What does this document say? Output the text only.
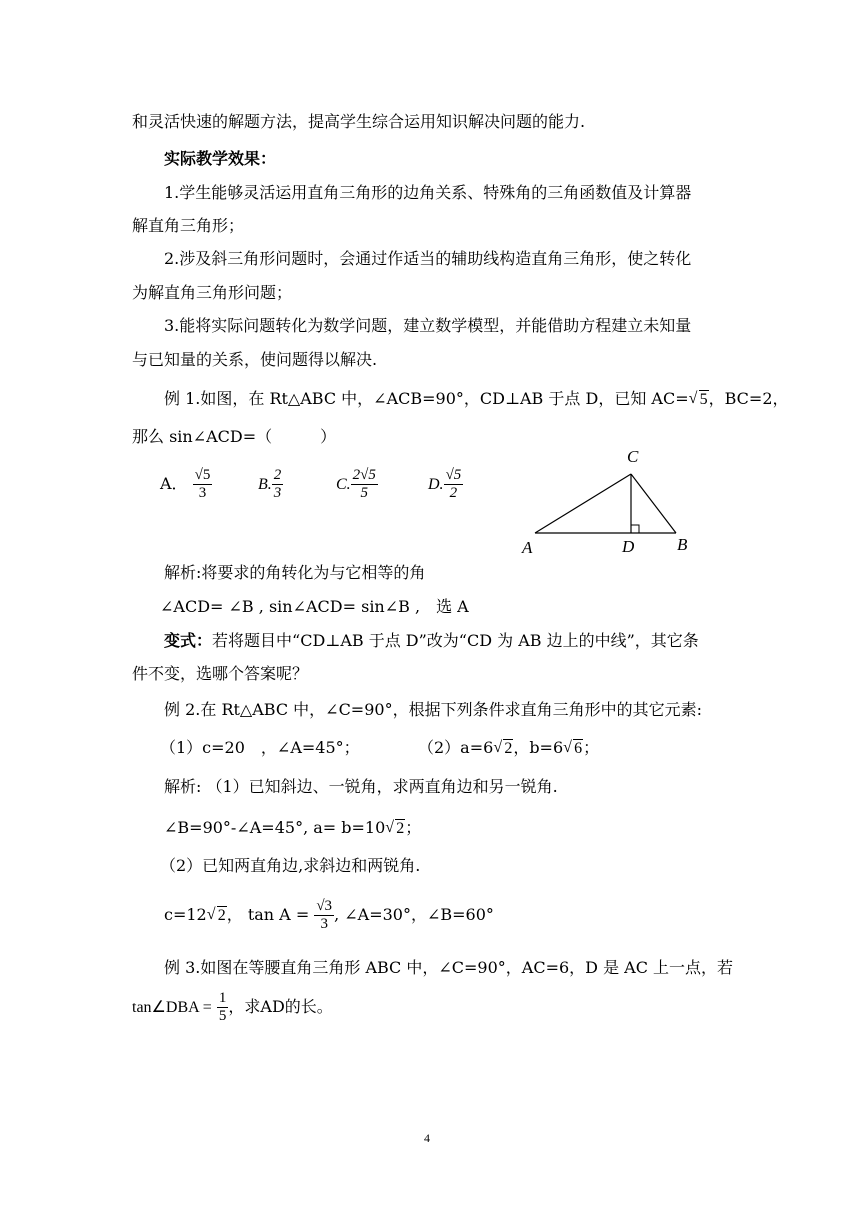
和灵活快速的解题方法，提高学生综合运用知识解决问题的能力.
实际教学效果：
1.学生能够灵活运用直角三角形的边角关系、特殊角的三角函数值及计算器
解直角三角形；
2.涉及斜三角形问题时，会通过作适当的辅助线构造直角三角形，使之转化
为解直角三角形问题；
3.能将实际问题转化为数学问题，建立数学模型，并能借助方程建立未知量
与已知量的关系，使问题得以解决.
例 1.如图，在 Rt△ABC 中，∠ACB=90°，CD⊥AB 于点 D，已知 AC= √ 5，BC=2，
那么 sin∠ACD=（　　　）
A． $\frac{√5}{3}$	B. $\frac{2}{3}$	C. $\frac{2√5}{5}$	D. $\frac{√5}{2}$
C
A	D	B
解析:将要求的角转化为与它相等的角
∠ACD= ∠B , sin∠ACD= sin∠B ,　选 A
变式：若将题目中“CD⊥AB 于点 D”改为“CD 为 AB 边上的中线”，其它条
件不变，选哪个答案呢？
例 2.在 Rt△ABC 中，∠C=90°，根据下列条件求直角三角形中的其它元素:
（1）c=20　，∠A=45°；	（2）a=6 √ 2，b=6 √ 6；
解析: （1）已知斜边、一锐角，求两直角边和另一锐角.
∠B=90°-∠A=45°, a= b=10 √ 2；
（2）已知两直角边,求斜边和两锐角.
c=12 √ 2， $\tan A = \frac{√3}{3}$ , ∠A=30°，∠B=60°
例 3.如图在等腰直角三角形 ABC 中，∠C=90°，AC=6，D 是 AC 上一点，若
tan∠DBA = $\frac{1}{5}$ ，求AD的长。
4
